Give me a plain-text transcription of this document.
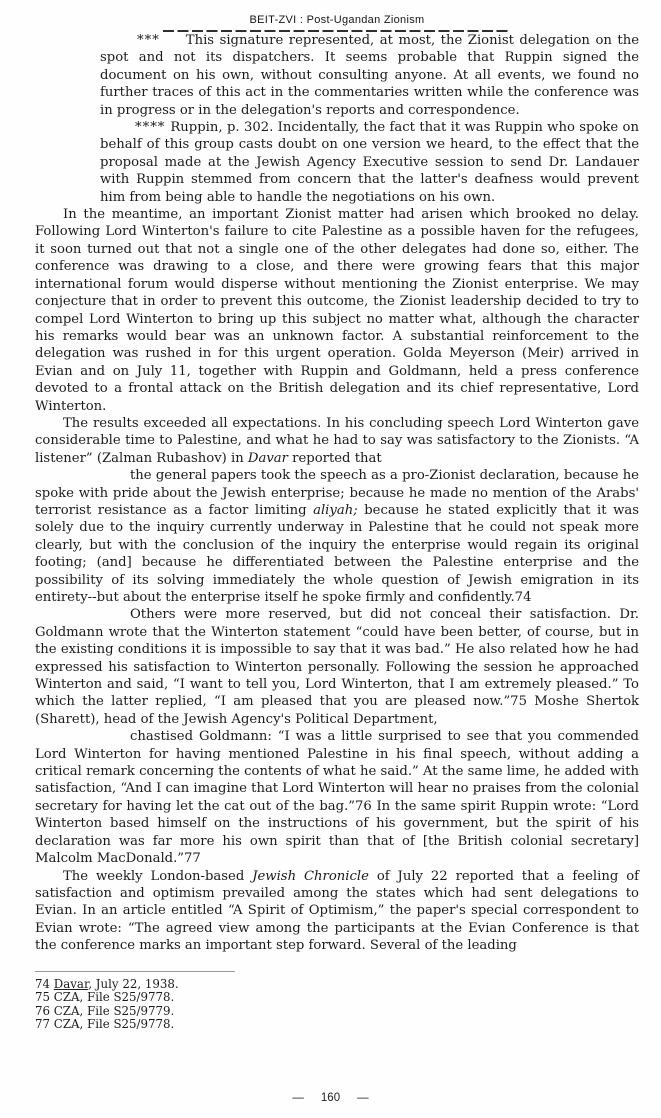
BEIT-ZVI : Post-Ugandan Zionism

*** This signature represented, at most, the Zionist delegation on the spot and not its dispatchers. It seems probable that Ruppin signed the document on his own, without consulting anyone. At all events, we found no further traces of this act in the commentaries written while the conference was in progress or in the delegation's reports and correspondence.

**** Ruppin, p. 302. Incidentally, the fact that it was Ruppin who spoke on behalf of this group casts doubt on one version we heard, to the effect that the proposal made at the Jewish Agency Executive session to send Dr. Landauer with Ruppin stemmed from concern that the latter's deafness would prevent him from being able to handle the negotiations on his own.

In the meantime, an important Zionist matter had arisen which brooked no delay. Following Lord Winterton's failure to cite Palestine as a possible haven for the refugees, it soon turned out that not a single one of the other delegates had done so, either. The conference was drawing to a close, and there were growing fears that this major international forum would disperse without mentioning the Zionist enterprise. We may conjecture that in order to prevent this outcome, the Zionist leadership decided to try to compel Lord Winterton to bring up this subject no matter what, although the character his remarks would bear was an unknown factor. A substantial reinforcement to the delegation was rushed in for this urgent operation. Golda Meyerson (Meir) arrived in Evian and on July 11, together with Ruppin and Goldmann, held a press conference devoted to a frontal attack on the British delegation and its chief representative, Lord Winterton.

The results exceeded all expectations. In his concluding speech Lord Winterton gave considerable time to Palestine, and what he had to say was satisfactory to the Zionists. “A listener” (Zalman Rubashov) in Davar reported that

the general papers took the speech as a pro-Zionist declaration, because he spoke with pride about the Jewish enterprise; because he made no mention of the Arabs' terrorist resistance as a factor limiting aliyah; because he stated explicitly that it was solely due to the inquiry currently underway in Palestine that he could not speak more clearly, but with the conclusion of the inquiry the enterprise would regain its original footing; (and] because he differentiated between the Palestine enterprise and the possibility of its solving immediately the whole question of Jewish emigration in its entirety--but about the enterprise itself he spoke firmly and confidently.74

Others were more reserved, but did not conceal their satisfaction. Dr. Goldmann wrote that the Winterton statement “could have been better, of course, but in the existing conditions it is impossible to say that it was bad.” He also related how he had expressed his satisfaction to Winterton personally. Following the session he approached Winterton and said, “I want to tell you, Lord Winterton, that I am extremely pleased.” To which the latter replied, “I am pleased that you are pleased now.”75 Moshe Shertok (Sharett), head of the Jewish Agency's Political Department,

chastised Goldmann: “I was a little surprised to see that you commended Lord Winterton for having mentioned Palestine in his final speech, without adding a critical remark concerning the contents of what he said.” At the same lime, he added with satisfaction, “And I can imagine that Lord Winterton will hear no praises from the colonial secretary for having let the cat out of the bag.”76 In the same spirit Ruppin wrote: “Lord Winterton based himself on the instructions of his government, but the spirit of his declaration was far more his own spirit than that of [the British colonial secretary] Malcolm MacDonald.”77

The weekly London-based Jewish Chronicle of July 22 reported that a feeling of satisfaction and optimism prevailed among the states which had sent delegations to Evian. In an article entitled “A Spirit of Optimism,” the paper's special correspondent to Evian wrote: “The agreed view among the participants at the Evian Conference is that the conference marks an important step forward. Several of the leading

74 Davar, July 22, 1938.

75 CZA, File S25/9778.

76 CZA, File S25/9779.

77 CZA, File S25/9778.

— 160 —
